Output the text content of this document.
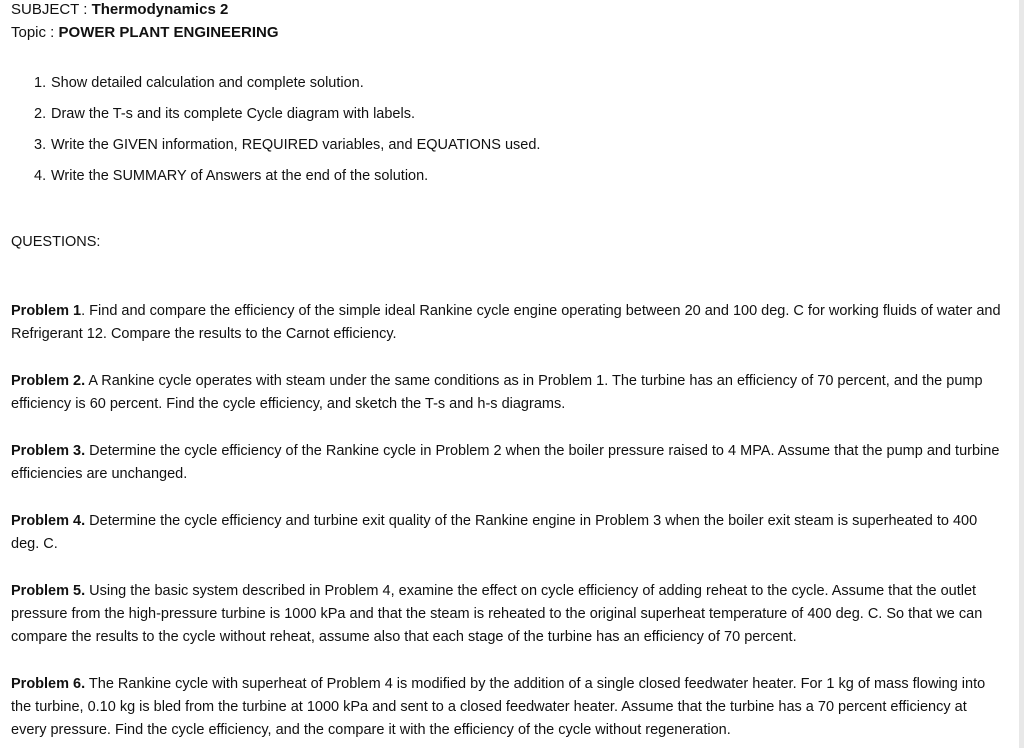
SUBJECT : Thermodynamics 2
Topic : POWER PLANT ENGINEERING
1. Show detailed calculation and complete solution.
2. Draw the T-s and its complete Cycle diagram with labels.
3. Write the GIVEN information, REQUIRED variables, and EQUATIONS used.
4. Write the SUMMARY of Answers at the end of the solution.
QUESTIONS:
Problem 1. Find and compare the efficiency of the simple ideal Rankine cycle engine operating between 20 and 100 deg. C for working fluids of water and Refrigerant 12. Compare the results to the Carnot efficiency.
Problem 2. A Rankine cycle operates with steam under the same conditions as in Problem 1. The turbine has an efficiency of 70 percent, and the pump efficiency is 60 percent. Find the cycle efficiency, and sketch the T-s and h-s diagrams.
Problem 3. Determine the cycle efficiency of the Rankine cycle in Problem 2 when the boiler pressure raised to 4 MPA. Assume that the pump and turbine efficiencies are unchanged.
Problem 4. Determine the cycle efficiency and turbine exit quality of the Rankine engine in Problem 3 when the boiler exit steam is superheated to 400 deg. C.
Problem 5. Using the basic system described in Problem 4, examine the effect on cycle efficiency of adding reheat to the cycle. Assume that the outlet pressure from the high-pressure turbine is 1000 kPa and that the steam is reheated to the original superheat temperature of 400 deg. C. So that we can compare the results to the cycle without reheat, assume also that each stage of the turbine has an efficiency of 70 percent.
Problem 6. The Rankine cycle with superheat of Problem 4 is modified by the addition of a single closed feedwater heater. For 1 kg of mass flowing into the turbine, 0.10 kg is bled from the turbine at 1000 kPa and sent to a closed feedwater heater. Assume that the turbine has a 70 percent efficiency at every pressure. Find the cycle efficiency, and the compare it with the efficiency of the cycle without regeneration.
